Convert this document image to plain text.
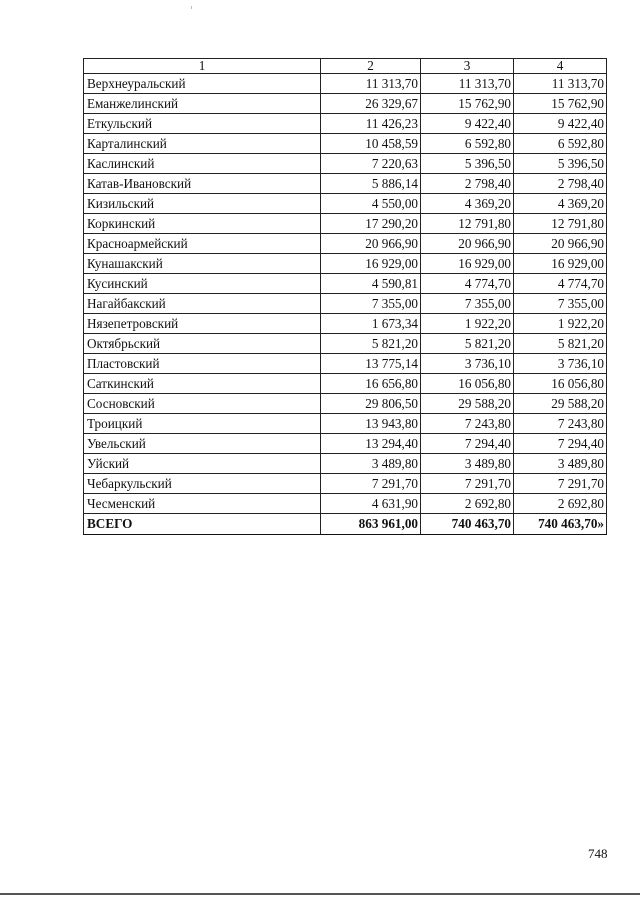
1	2	3	4
Верхнеуральский	11 313,70	11 313,70	11 313,70
Еманжелинский	26 329,67	15 762,90	15 762,90
Еткульский	11 426,23	9 422,40	9 422,40
Карталинский	10 458,59	6 592,80	6 592,80
Каслинский	7 220,63	5 396,50	5 396,50
Катав-Ивановский	5 886,14	2 798,40	2 798,40
Кизильский	4 550,00	4 369,20	4 369,20
Коркинский	17 290,20	12 791,80	12 791,80
Красноармейский	20 966,90	20 966,90	20 966,90
Кунашакский	16 929,00	16 929,00	16 929,00
Кусинский	4 590,81	4 774,70	4 774,70
Нагайбакский	7 355,00	7 355,00	7 355,00
Нязепетровский	1 673,34	1 922,20	1 922,20
Октябрьский	5 821,20	5 821,20	5 821,20
Пластовский	13 775,14	3 736,10	3 736,10
Саткинский	16 656,80	16 056,80	16 056,80
Сосновский	29 806,50	29 588,20	29 588,20
Троицкий	13 943,80	7 243,80	7 243,80
Увельский	13 294,40	7 294,40	7 294,40
Уйский	3 489,80	3 489,80	3 489,80
Чебаркульский	7 291,70	7 291,70	7 291,70
Чесменский	4 631,90	2 692,80	2 692,80
ВСЕГО	863 961,00	740 463,70	740 463,70»
748
